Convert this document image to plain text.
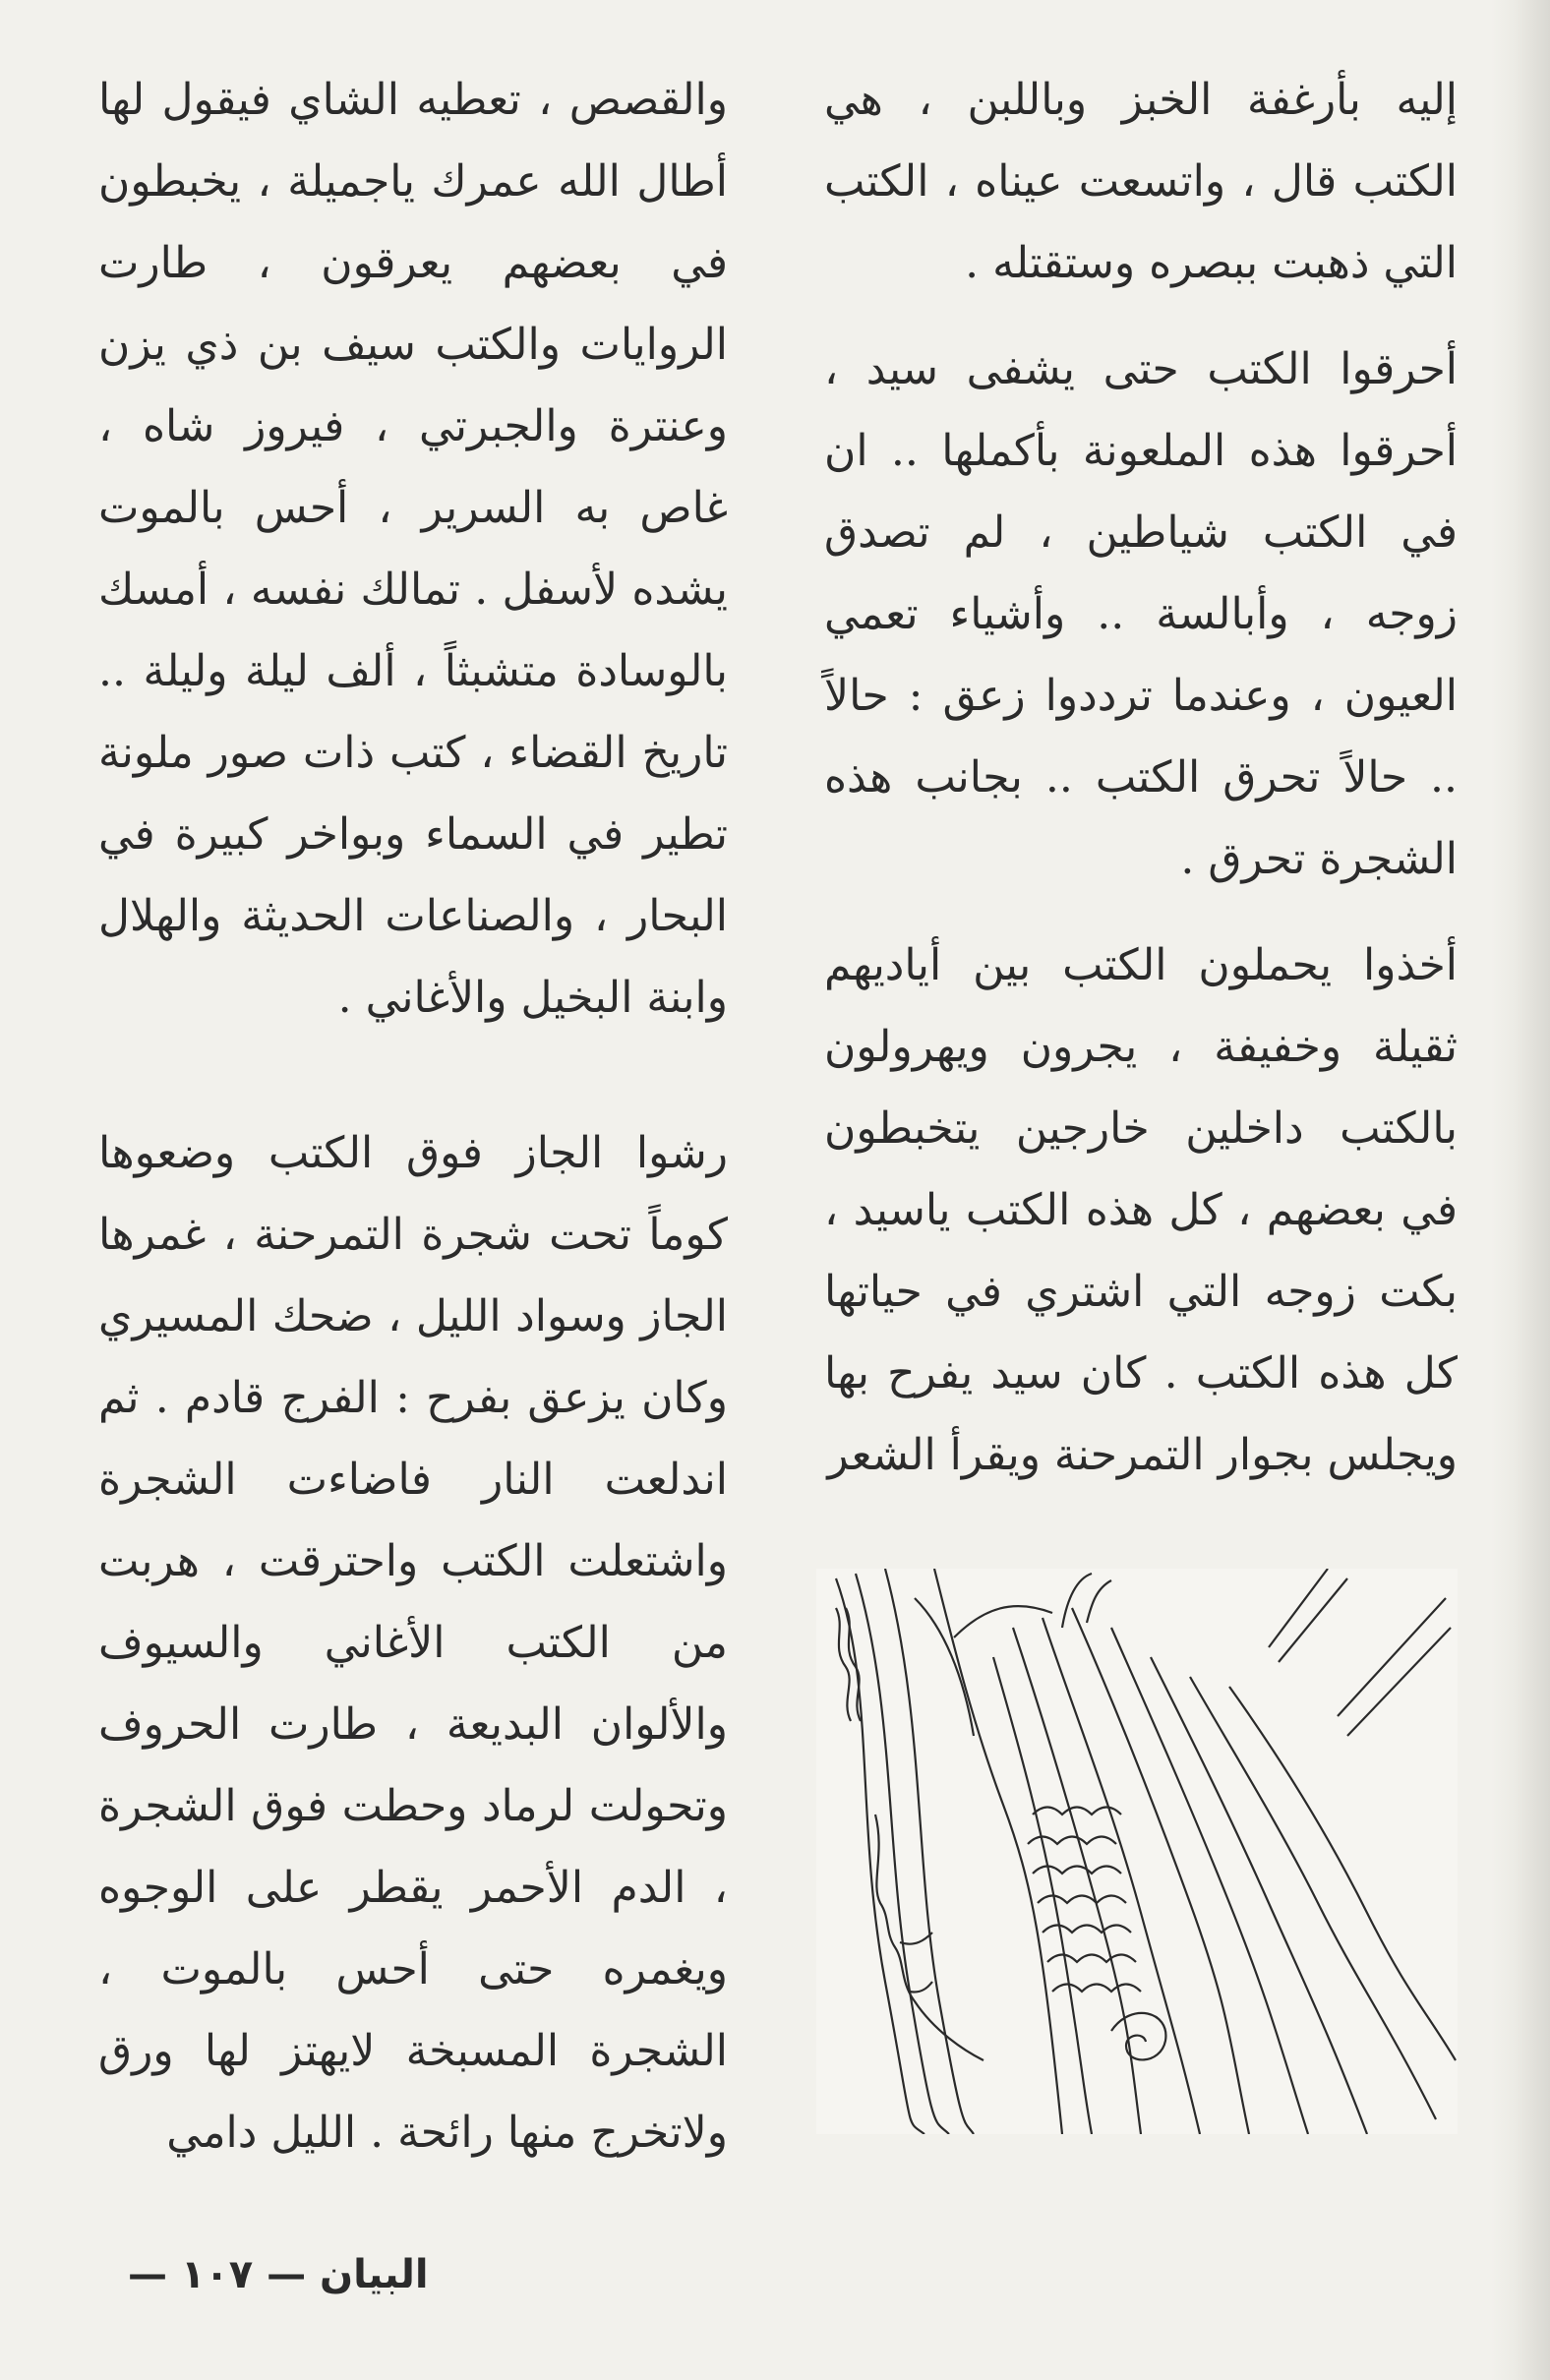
إليه بأرغفة الخبز وباللبن ، هي الكتب قال ، واتسعت عيناه ، الكتب التي ذهبت ببصره وستقتله .

أحرقوا الكتب حتى يشفى سيد ، أحرقوا هذه الملعونة بأكملها .. ان في الكتب شياطين ، لم تصدق زوجه ، وأبالسة .. وأشياء تعمي العيون ، وعندما ترددوا زعق : حالاً .. حالاً تحرق الكتب .. بجانب هذه الشجرة تحرق .

أخذوا يحملون الكتب بين أياديهم ثقيلة وخفيفة ، يجرون ويهرولون بالكتب داخلين خارجين يتخبطون في بعضهم ، كل هذه الكتب ياسيد ، بكت زوجه التي اشتري في حياتها كل هذه الكتب . كان سيد يفرح بها ويجلس بجوار التمرحنة ويقرأ الشعر

والقصص ، تعطيه الشاي فيقول لها أطال الله عمرك ياجميلة ، يخبطون في بعضهم يعرقون ، طارت الروايات والكتب سيف بن ذي يزن وعنترة والجبرتي ، فيروز شاه ، غاص به السرير ، أحس بالموت يشده لأسفل . تمالك نفسه ، أمسك بالوسادة متشبثاً ، ألف ليلة وليلة .. تاريخ القضاء ، كتب ذات صور ملونة تطير في السماء وبواخر كبيرة في البحار ، والصناعات الحديثة والهلال وابنة البخيل والأغاني .

رشوا الجاز فوق الكتب وضعوها كوماً تحت شجرة التمرحنة ، غمرها الجاز وسواد الليل ، ضحك المسيري وكان يزعق بفرح : الفرج قادم . ثم اندلعت النار فاضاءت الشجرة واشتعلت الكتب واحترقت ، هربت من الكتب الأغاني والسيوف والألوان البديعة ، طارت الحروف وتحولت لرماد وحطت فوق الشجرة ، الدم الأحمر يقطر على الوجوه ويغمره حتى أحس بالموت ، الشجرة المسبخة لايهتز لها ورق ولاتخرج منها رائحة . الليل دامي

البيان — ١٠٧ —
